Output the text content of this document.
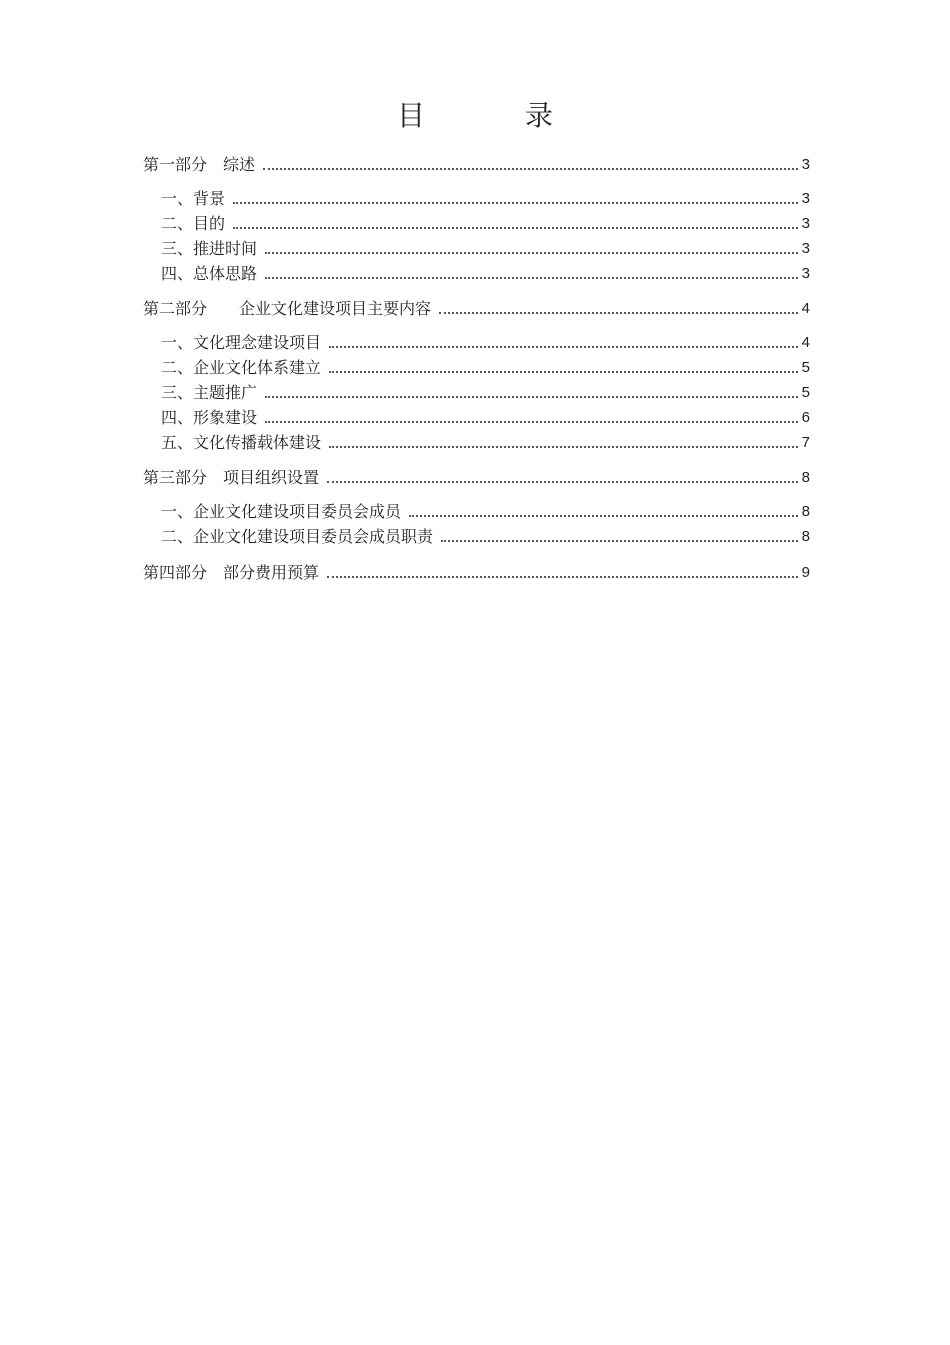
目　录
第一部分　综述	3
一、背景	3
二、目的	3
三、推进时间	3
四、总体思路	3
第二部分　　企业文化建设项目主要内容	4
一、文化理念建设项目	4
二、企业文化体系建立	5
三、主题推广	5
四、形象建设	6
五、文化传播载体建设	7
第三部分　项目组织设置	8
一、企业文化建设项目委员会成员	8
二、企业文化建设项目委员会成员职责	8
第四部分　部分费用预算	9
